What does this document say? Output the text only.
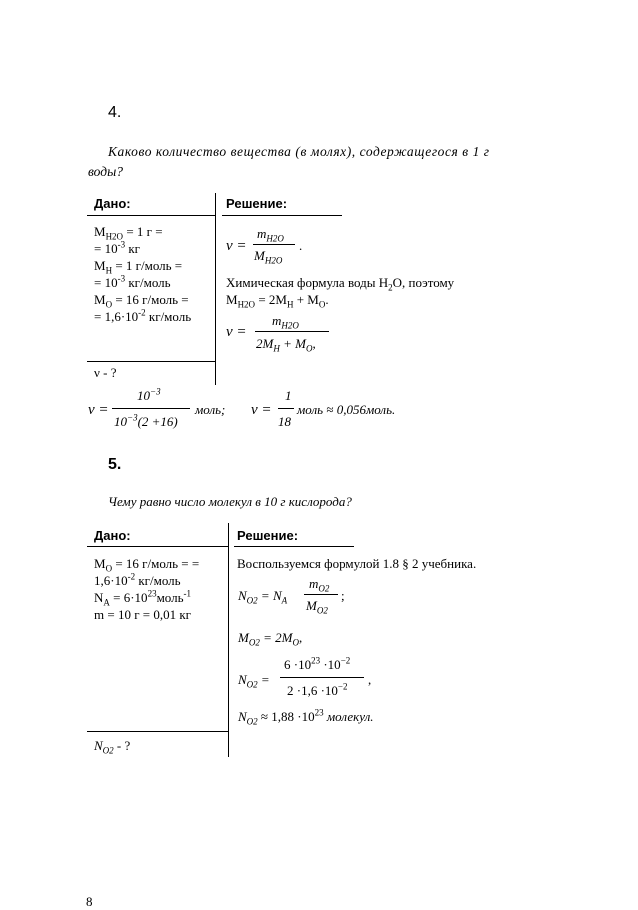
4.
Каково количество вещества (в молях), содержащегося в 1 г
воды?
Дано:	Решение:
$M_{H2O} = 1$ г =
= $10^{-3}$ кг
$M_H = 1$ г/моль =
= $10^{-3}$ кг/моль
$M_O = 16$ г/моль =
= $1,6\cdot 10^{-2}$ кг/моль
ν - ?
ν =
$m_{H2O}$
$M_{H2O}$
.
Химическая формула воды $H_2O$, поэтому
$M_{H2O} = 2M_H + M_O$.
ν =
$m_{H2O}$
$2M_H + M_O$,
ν =
$10^{-3}$
$10^{-3}(2 +16)$
моль; ν =
1
18
моль ≈ 0,056моль.
5.
Чему равно число молекул в 10 г кислорода?
Дано:	Решение:
$M_O = 16$ г/моль = =
$1,6\cdot 10^{-2}$ кг/моль
$N_A$ = $6\cdot 10^{23}моль^{-1}$
m = 10 г = 0,01 кг
$N_{O2}$ - ?
Воспользуемся формулой 1.8 § 2 учебника.
$N_{O2} = N_A$
$m_{O2}$
$M_{O2}$
;
$M_{O2} = 2M_O$,
$N_{O2}$ =
$6 \cdot 10^{23} \cdot 10^{-2}$
$2 \cdot 1,6 \cdot 10^{-2}$ ,
$N_{O2} \approx 1,88 \cdot 10^{23}$ молекул.
8
